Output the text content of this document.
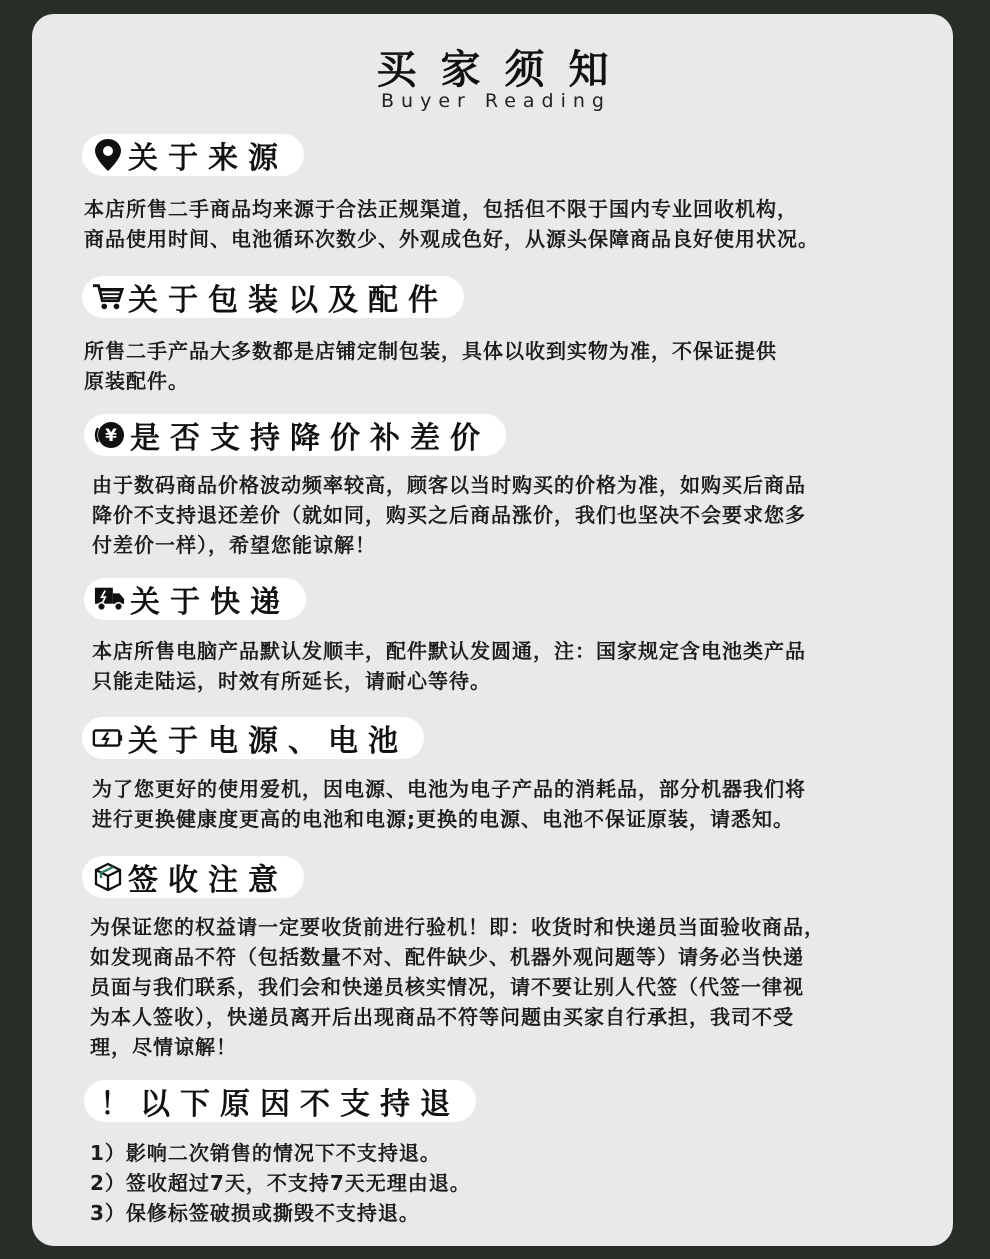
买家须知
Buyer Reading
关于来源

本店所售二手商品均来源于合法正规渠道，包括但不限于国内专业回收机构，

商品使用时间、电池循环次数少、外观成色好，从源头保障商品良好使用状况。

关于包装以及配件

所售二手产品大多数都是店铺定制包装，具体以收到实物为准，不保证提供

原装配件。

¥ 是否支持降价补差价

由于数码商品价格波动频率较高，顾客以当时购买的价格为准，如购买后商品

降价不支持退还差价（就如同，购买之后商品涨价，我们也坚决不会要求您多

付差价一样），希望您能谅解！

关于快递

本店所售电脑产品默认发顺丰，配件默认发圆通，注：国家规定含电池类产品

只能走陆运，时效有所延长，请耐心等待。

关于电源、电池

为了您更好的使用爱机，因电源、电池为电子产品的消耗品，部分机器我们将

进行更换健康度更高的电池和电源;更换的电源、电池不保证原装，请悉知。

签收注意

为保证您的权益请一定要收货前进行验机！即：收货时和快递员当面验收商品，

如发现商品不符（包括数量不对、配件缺少、机器外观问题等）请务必当快递

员面与我们联系，我们会和快递员核实情况，请不要让别人代签（代签一律视

为本人签收），快递员离开后出现商品不符等问题由买家自行承担，我司不受

理，尽情谅解！

！以下原因不支持退

1）影响二次销售的情况下不支持退。

2）签收超过7天，不支持7天无理由退。

3）保修标签破损或撕毁不支持退。
